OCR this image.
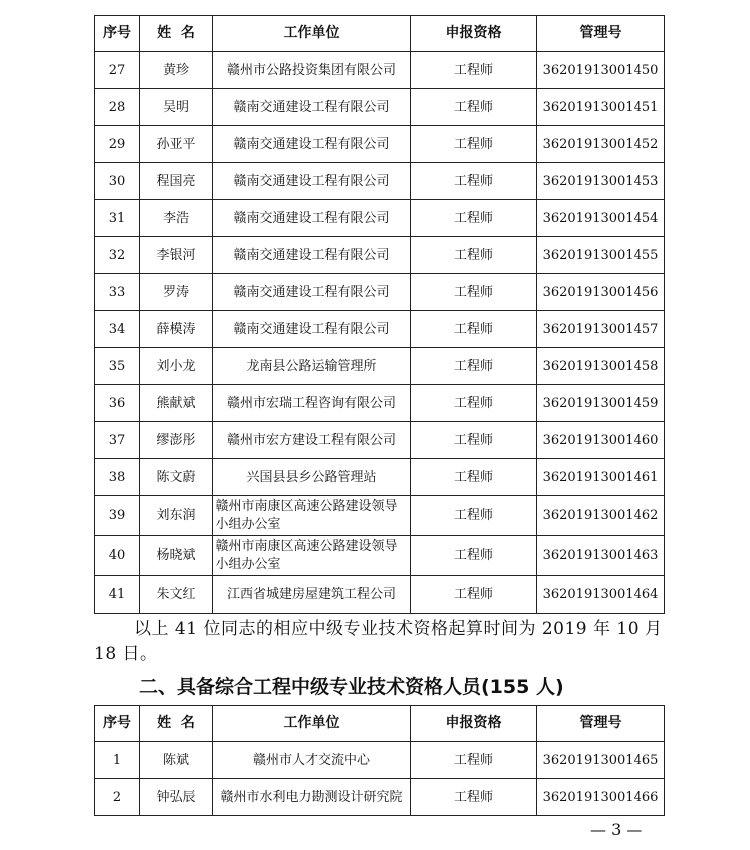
序号	姓  名	工作单位	申报资格	管理号
27	黄珍	赣州市公路投资集团有限公司	工程师	36201913001450
28	吴明	赣南交通建设工程有限公司	工程师	36201913001451
29	孙亚平	赣南交通建设工程有限公司	工程师	36201913001452
30	程国亮	赣南交通建设工程有限公司	工程师	36201913001453
31	李浩	赣南交通建设工程有限公司	工程师	36201913001454
32	李银河	赣南交通建设工程有限公司	工程师	36201913001455
33	罗涛	赣南交通建设工程有限公司	工程师	36201913001456
34	薛模涛	赣南交通建设工程有限公司	工程师	36201913001457
35	刘小龙	龙南县公路运输管理所	工程师	36201913001458
36	熊献斌	赣州市宏瑞工程咨询有限公司	工程师	36201913001459
37	缪澎彤	赣州市宏方建设工程有限公司	工程师	36201913001460
38	陈文蔚	兴国县县乡公路管理站	工程师	36201913001461
39	刘东润	赣州市南康区高速公路建设领导小组办公室	工程师	36201913001462
40	杨晓斌	赣州市南康区高速公路建设领导小组办公室	工程师	36201913001463
41	朱文红	江西省城建房屋建筑工程公司	工程师	36201913001464

以上 41 位同志的相应中级专业技术资格起算时间为 2019 年 10 月 18 日。

二、具备综合工程中级专业技术资格人员(155 人)
序号	姓  名	工作单位	申报资格	管理号
1	陈斌	赣州市人才交流中心	工程师	36201913001465
2	钟弘辰	赣州市水利电力勘测设计研究院	工程师	36201913001466

— 3 —
